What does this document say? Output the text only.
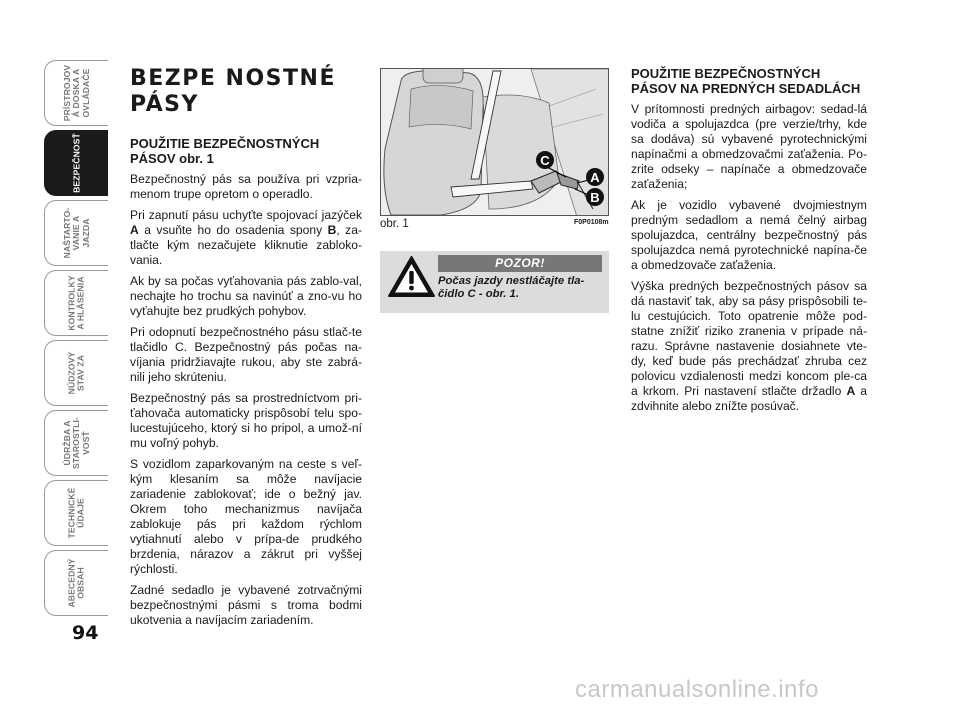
PRÍSTROJOV
Á DOSKA A
OVLÁDAČE
BEZPEČNOSŤ
NAŠTARTO-
VANIE A
JAZDA
KONTROLKY
A HLÁSENIA
NÚDZOVÝ
STAV ZA
ÚDRŽBA A
STAROSTLI-
VOSŤ
TECHNICKÉ
ÚDAJE
ABECEDNÝ
OBSAH
94
BEZPE NOSTNÉ PÁSY
POUŽITIE BEZPEČNOSTNÝCH PÁSOV obr. 1

Bezpečnostný pás sa používa pri vzpria-menom trupe opretom o operadlo.

Pri zapnutí pásu uchyťte spojovací jazýček A a vsuňte ho do osadenia spony B, za-tlačte kým nezačujete kliknutie zabloko-vania.

Ak by sa počas vyťahovania pás zablo-val, nechajte ho trochu sa navinúť a zno-vu ho vyťahujte bez prudkých pohybov.

Pri odopnutí bezpečnostného pásu stlač-te tlačidlo C. Bezpečnostný pás počas na-víjania pridržiavajte rukou, aby ste zabrá-nili jeho skrúteniu.

Bezpečnostný pás sa prostredníctvom pri-ťahovača automaticky prispôsobí telu spo-lucestujúceho, ktorý si ho pripol, a umož-ní mu voľný pohyb.

S vozidlom zaparkovaným na ceste s veľ-kým klesaním sa môže navíjacie zariadenie zablokovať; ide o bežný jav. Okrem toho mechanizmus navíjača zablokuje pás pri každom rýchlom vytiahnutí alebo v prípa-de prudkého brzdenia, nárazov a zákrut pri vyššej rýchlosti.

Zadné sedadlo je vybavené zotrvačnými bezpečnostnými pásmi s troma bodmi ukotvenia a navíjacím zariadením.

C
A
B
obr. 1	F0P0108m
POZOR!
Počas jazdy nestláčajte tla-čidlo C - obr. 1.
POUŽITIE BEZPEČNOSTNÝCH PÁSOV NA PREDNÝCH SEDADLÁCH

V prítomnosti predných airbagov: sedad-lá vodiča a spolujazdca (pre verzie/trhy, kde sa dodáva) sú vybavené pyrotechnickými napínačmi a obmedzovačmi zaťaženia. Po-zrite odseky – napínače a obmedzovače zaťaženia;

Ak je vozidlo vybavené dvojmiestnym predným sedadlom a nemá čelný airbag spolujazdca, centrálny bezpečnostný pás spolujazdca nemá pyrotechnické napína-če a obmedzovače zaťaženia.

Výška predných bezpečnostných pásov sa dá nastaviť tak, aby sa pásy prispôsobili te-lu cestujúcich. Toto opatrenie môže pod-statne znížiť riziko zranenia v prípade ná-razu. Správne nastavenie dosiahnete vte-dy, keď bude pás prechádzať zhruba cez polovicu vzdialenosti medzi koncom ple-ca a krkom. Pri nastavení stlačte držadlo A a zdvihnite alebo znížte posúvač.

carmanualsonline.info
